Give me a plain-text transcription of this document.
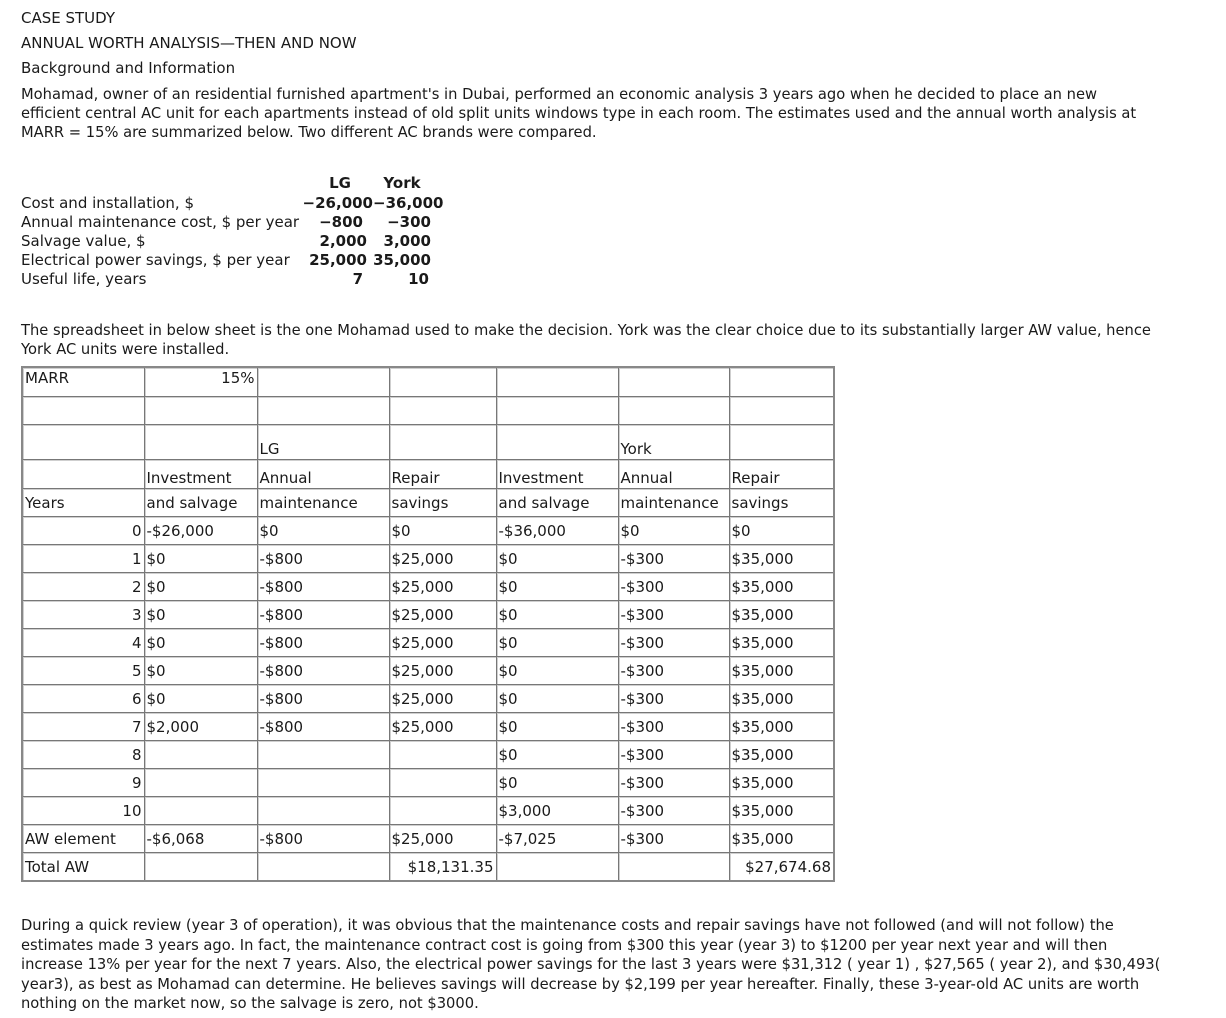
CASE STUDY
ANNUAL WORTH ANALYSIS—THEN AND NOW
Background and Information
Mohamad, owner of an residential furnished apartment's in Dubai, performed an economic analysis 3 years ago when he decided to place an new
efficient central AC unit for each apartments instead of old split units windows type in each room. The estimates used and the annual worth analysis at
MARR = 15% are summarized below. Two different AC brands were compared.
LG	York
Cost and installation, $	−26,000 −36,000
Annual maintenance cost, $ per year	−800	−300
Salvage value, $	2,000	3,000
Electrical power savings, $ per year	25,000 35,000
Useful life, years	7	10
The spreadsheet in below sheet is the one Mohamad used to make the decision. York was the clear choice due to its substantially larger AW value, hence
York AC units were installed.
MARR	15%					

		LG			York	
	Investment	Annual	Repair	Investment	Annual	Repair
Years	and salvage	maintenance	savings	and salvage	maintenance	savings
0	-$26,000	$0	$0	-$36,000	$0	$0
1	$0	-$800	$25,000	$0	-$300	$35,000
2	$0	-$800	$25,000	$0	-$300	$35,000
3	$0	-$800	$25,000	$0	-$300	$35,000
4	$0	-$800	$25,000	$0	-$300	$35,000
5	$0	-$800	$25,000	$0	-$300	$35,000
6	$0	-$800	$25,000	$0	-$300	$35,000
7	$2,000	-$800	$25,000	$0	-$300	$35,000
8				$0	-$300	$35,000
9				$0	-$300	$35,000
10				$3,000	-$300	$35,000
AW element	-$6,068	-$800	$25,000	-$7,025	-$300	$35,000
Total AW			$18,131.35			$27,674.68
During a quick review (year 3 of operation), it was obvious that the maintenance costs and repair savings have not followed (and will not follow) the
estimates made 3 years ago. In fact, the maintenance contract cost is going from $300 this year (year 3) to $1200 per year next year and will then
increase 13% per year for the next 7 years. Also, the electrical power savings for the last 3 years were $31,312 ( year 1) , $27,565 ( year 2), and $30,493(
year3), as best as Mohamad can determine. He believes savings will decrease by $2,199 per year hereafter. Finally, these 3-year-old AC units are worth
nothing on the market now, so the salvage is zero, not $3000.
